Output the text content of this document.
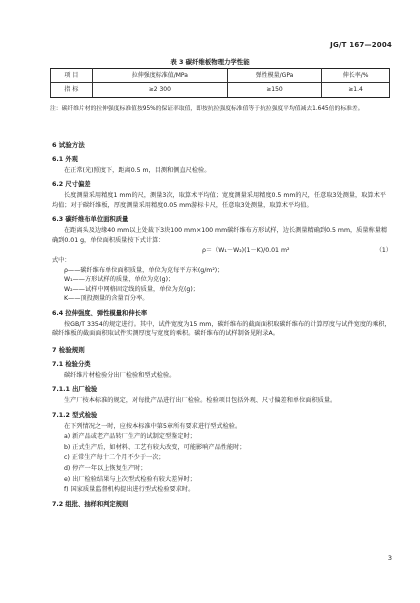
JG/T 167—2004
表 3 碳纤维板物理力学性能
项 目	拉伸强度标准值/MPa	弹性模量/GPa	伸长率/%
指 标	≥2 300	≥150	≥1.4
注：碳纤维片材的拉伸强度标准值按95%的保证率取值，即按抗拉强度标准值等于抗拉强度平均值减去1.645倍的标准差。
6 试验方法
6.1 外观
在正常(光)照度下，距离0.5 m，目测和侧直尺检验。
6.2 尺寸偏差
长度测量采用精度1 mm的尺，测量3次，取算术平均值；宽度测量采用精度0.5 mm的尺，任意取3处测量，取算术平均值；对于碳纤维板，厚度测量采用精度0.05 mm游标卡尺，任意取3处测量，取算术平均值。
6.3 碳纤维布单位面积质量
在距离头及边缘40 mm以上处裁下3块100 mm×100 mm碳纤维布方形试样，边长测量精确到0.5 mm，质量称量精确到0.01 g，单位面积质量按下式计算：
ρ＝（W₁－W₂)(1－K)/0.01 m²	（1）
式中：
ρ——碳纤维布单位面积质量，单位为克每平方米(g/m²)；
W₁——方形试样的质量，单位为克(g)；
W₂——试样中网格固定线的质量，单位为克(g)；
K——顶投测量的含量百分率。
6.4 拉伸强度、弹性模量和伸长率
按GB/T 3354的规定进行。其中，试件宽度为15 mm，碳纤维布的截面面积取碳纤维布的计算厚度与试件宽度的乘积，碳纤维板的截面面积取试件实测厚度与宽度的乘积。碳纤维布的试样制备见附录A。
7 检验规则
7.1 检验分类
碳纤维片材检验分出厂检验和型式检验。
7.1.1 出厂检验
生产厂按本标准的规定，对每批产品进行出厂检验。检验项目包括外观、尺寸偏差和单位面积质量。
7.1.2 型式检验
在下列情况之一时，应按本标准中第5章所有要求进行型式检验。
a) 新产品或老产品转厂生产的试制定型鉴定时；
b) 正式生产后，如材料、工艺有较大改变，可能影响产品性能时；
c) 正常生产每十二个月不少于一次；
d) 停产一年以上恢复生产时；
e) 出厂检验结果与上次型式检验有较大差异时；
f) 国家质量监督机构提出进行型式检验要求时。
7.2 组批、抽样和判定规则
3
